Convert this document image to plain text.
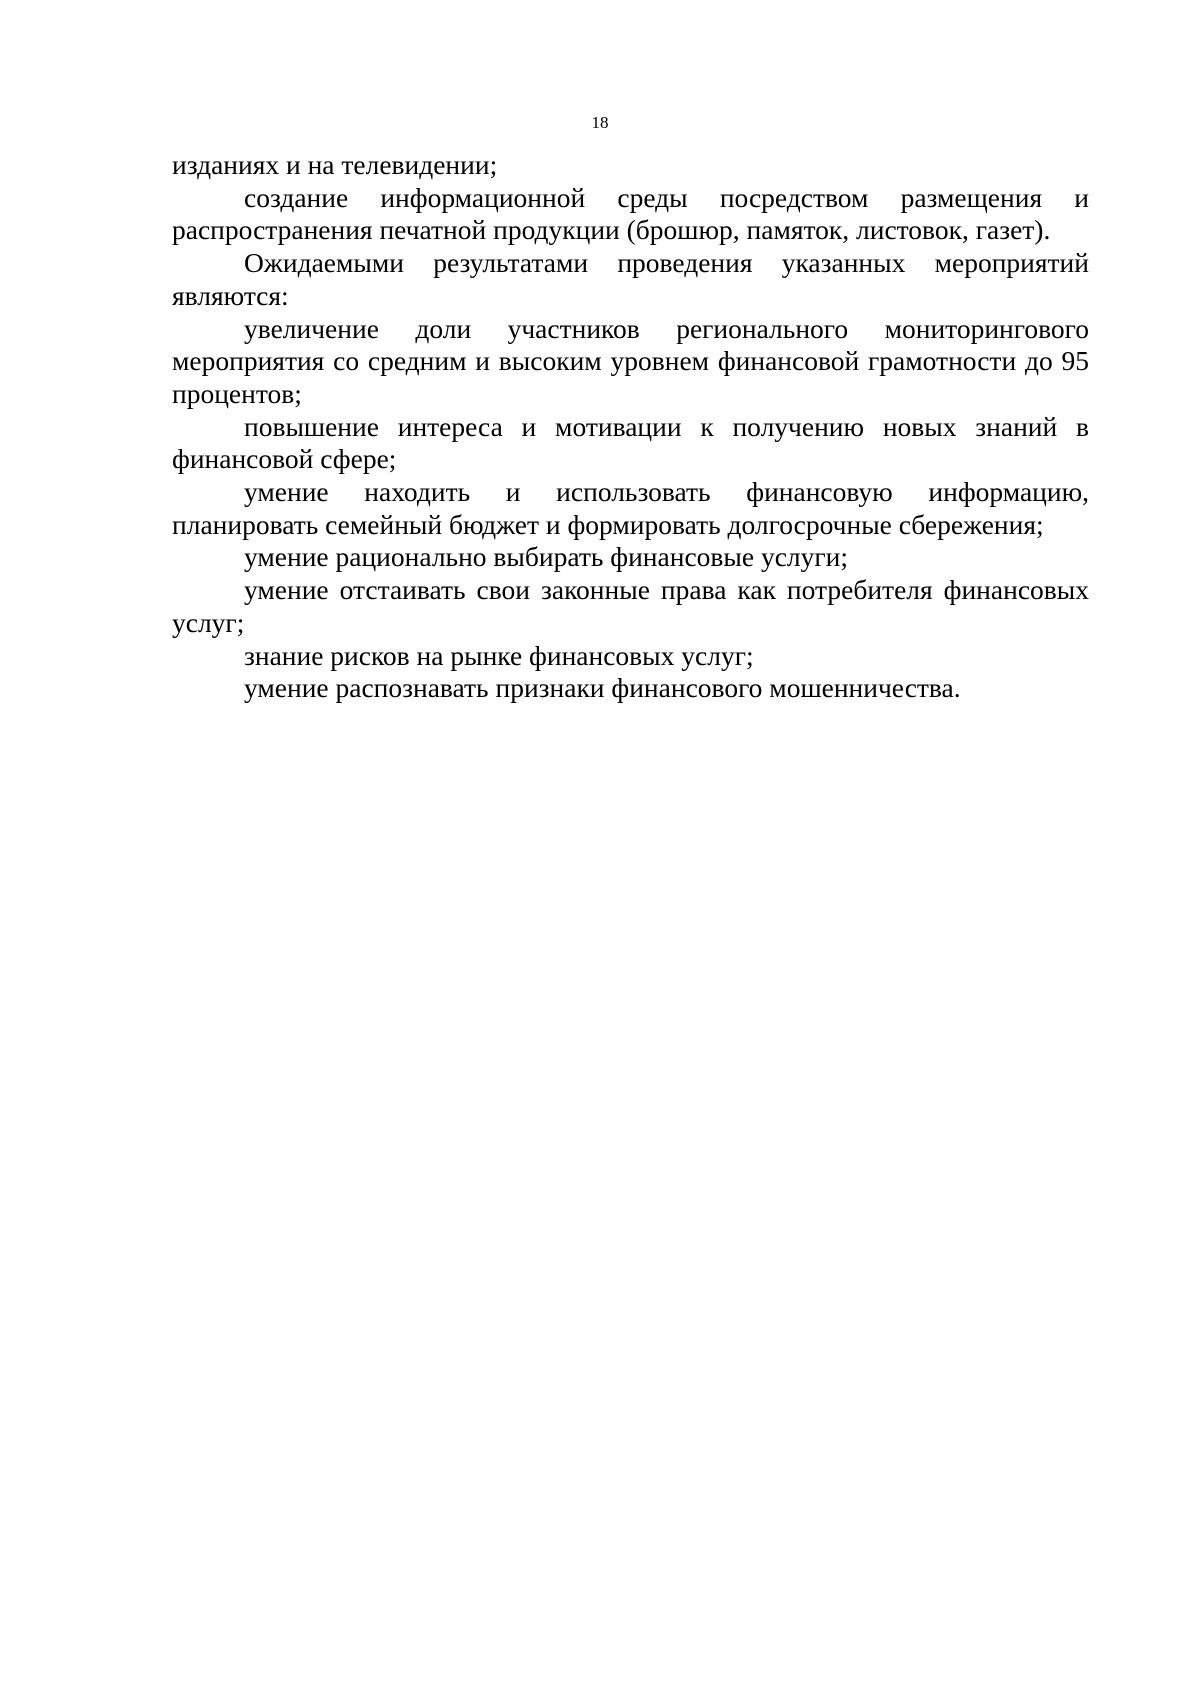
18

изданиях и на телевидении;

создание информационной среды посредством размещения и распространения печатной продукции (брошюр, памяток, листовок, газет).

Ожидаемыми результатами проведения указанных мероприятий являются:

увеличение доли участников регионального мониторингового мероприятия со средним и высоким уровнем финансовой грамотности до 95 процентов;

повышение интереса и мотивации к получению новых знаний в финансовой сфере;

умение находить и использовать финансовую информацию, планировать семейный бюджет и формировать долгосрочные сбережения;

умение рационально выбирать финансовые услуги;

умение отстаивать свои законные права как потребителя финансовых услуг;

знание рисков на рынке финансовых услуг;

умение распознавать признаки финансового мошенничества.
